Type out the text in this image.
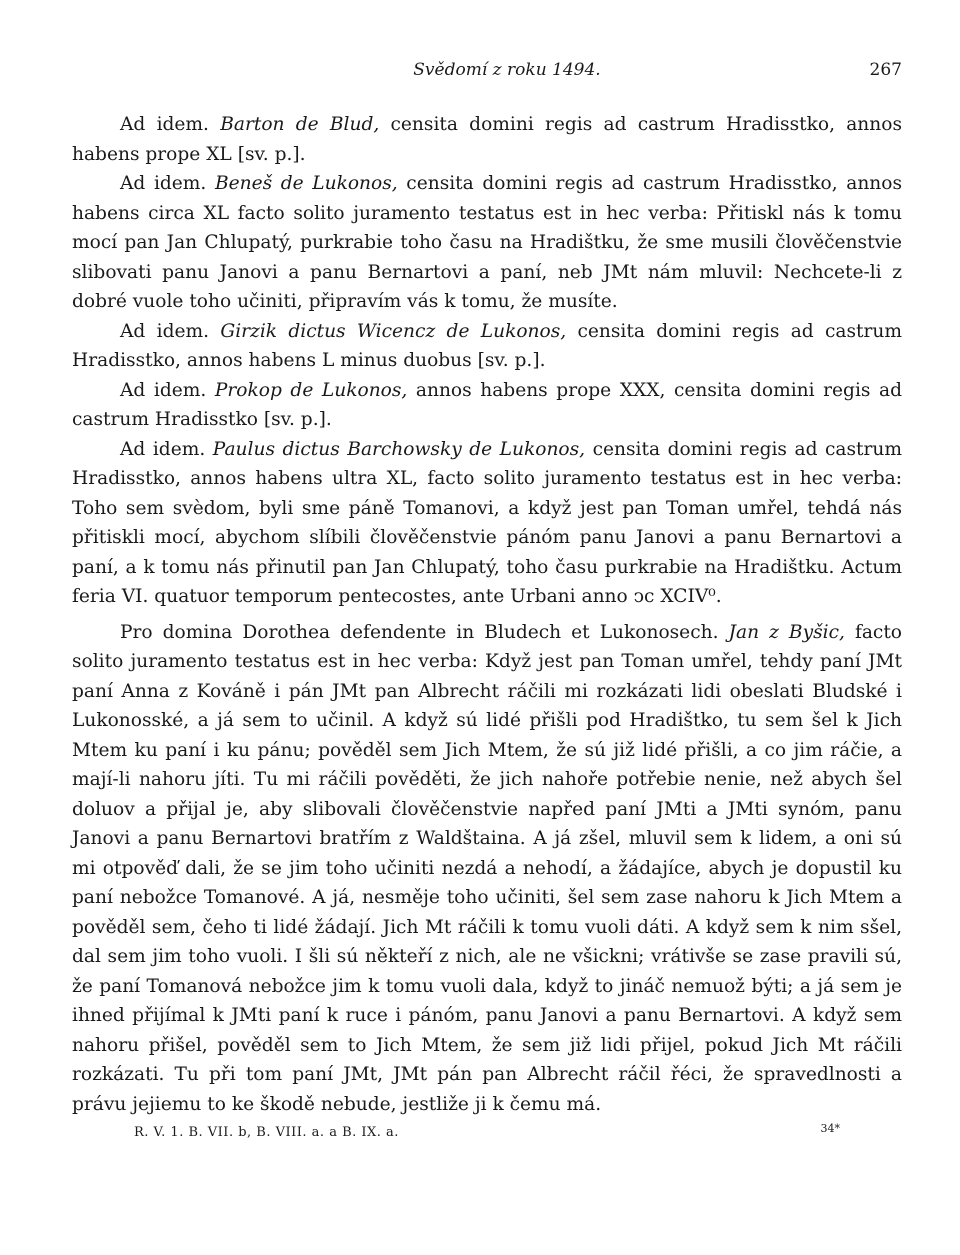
Svědomí z roku 1494.	267

Ad idem. Barton de Blud, censita domini regis ad castrum Hradisstko, annos habens prope XL [sv. p.].

Ad idem. Beneš de Lukonos, censita domini regis ad castrum Hradisstko, annos habens circa XL facto solito juramento testatus est in hec verba: Přitiskl nás k tomu mocí pan Jan Chlupatý, purkrabie toho času na Hradištku, že sme musili člověčenstvie slibovati panu Janovi a panu Bernartovi a paní, neb JMt nám mluvil: Nechcete-li z dobré vuole toho učiniti, připravím vás k tomu, že musíte.

Ad idem. Girzik dictus Wicencz de Lukonos, censita domini regis ad castrum Hradisstko, annos habens L minus duobus [sv. p.].

Ad idem. Prokop de Lukonos, annos habens prope XXX, censita domini regis ad castrum Hradisstko [sv. p.].

Ad idem. Paulus dictus Barchowsky de Lukonos, censita domini regis ad castrum Hradisstko, annos habens ultra XL, facto solito juramento testatus est in hec verba: Toho sem svèdom, byli sme páně Tomanovi, a když jest pan Toman umřel, tehdá nás přitiskli mocí, abychom slíbili člověčenstvie pánóm panu Janovi a panu Bernartovi a paní, a k tomu nás přinutil pan Jan Chlupatý, toho času purkrabie na Hradištku. Actum feria VI. quatuor temporum pentecostes, ante Urbani anno ↄc XCIV⁰.

Pro domina Dorothea defendente in Bludech et Lukonosech. Jan z Byšic, facto solito juramento testatus est in hec verba: Když jest pan Toman umřel, tehdy paní JMt paní Anna z Kováně i pán JMt pan Albrecht ráčili mi rozkázati lidi obeslati Bludské i Lukonosské, a já sem to učinil. A když sú lidé přišli pod Hradištko, tu sem šel k Jich Mtem ku paní i ku pánu; pověděl sem Jich Mtem, že sú již lidé přišli, a co jim ráčie, a mají-li nahoru jíti. Tu mi ráčili pověděti, že jich nahoře potřebie nenie, než abych šel doluov a přijal je, aby slibovali člověčenstvie napřed paní JMti a JMti synóm, panu Janovi a panu Bernartovi bratřím z Waldštaina. A já zšel, mluvil sem k lidem, a oni sú mi otpověď dali, že se jim toho učiniti nezdá a nehodí, a žádajíce, abych je dopustil ku paní nebožce Tomanové. A já, nesměje toho učiniti, šel sem zase nahoru k Jich Mtem a pověděl sem, čeho ti lidé žádají. Jich Mt ráčili k tomu vuoli dáti. A když sem k nim sšel, dal sem jim toho vuoli. I šli sú někteří z nich, ale ne všickni; vrátivše se zase pravili sú, že paní Tomanová nebožce jim k tomu vuoli dala, když to jináč nemuož býti; a já sem je ihned přijímal k JMti paní k ruce i pánóm, panu Janovi a panu Bernartovi. A když sem nahoru přišel, pověděl sem to Jich Mtem, že sem již lidi přijel, pokud Jich Mt ráčili rozkázati. Tu při tom paní JMt, JMt pán pan Albrecht ráčil řéci, že spravedlnosti a právu jejiemu to ke škodě nebude, jestliže ji k čemu má.

R. V. 1. B. VII. b, B. VIII. a. a B. IX. a.	34*
